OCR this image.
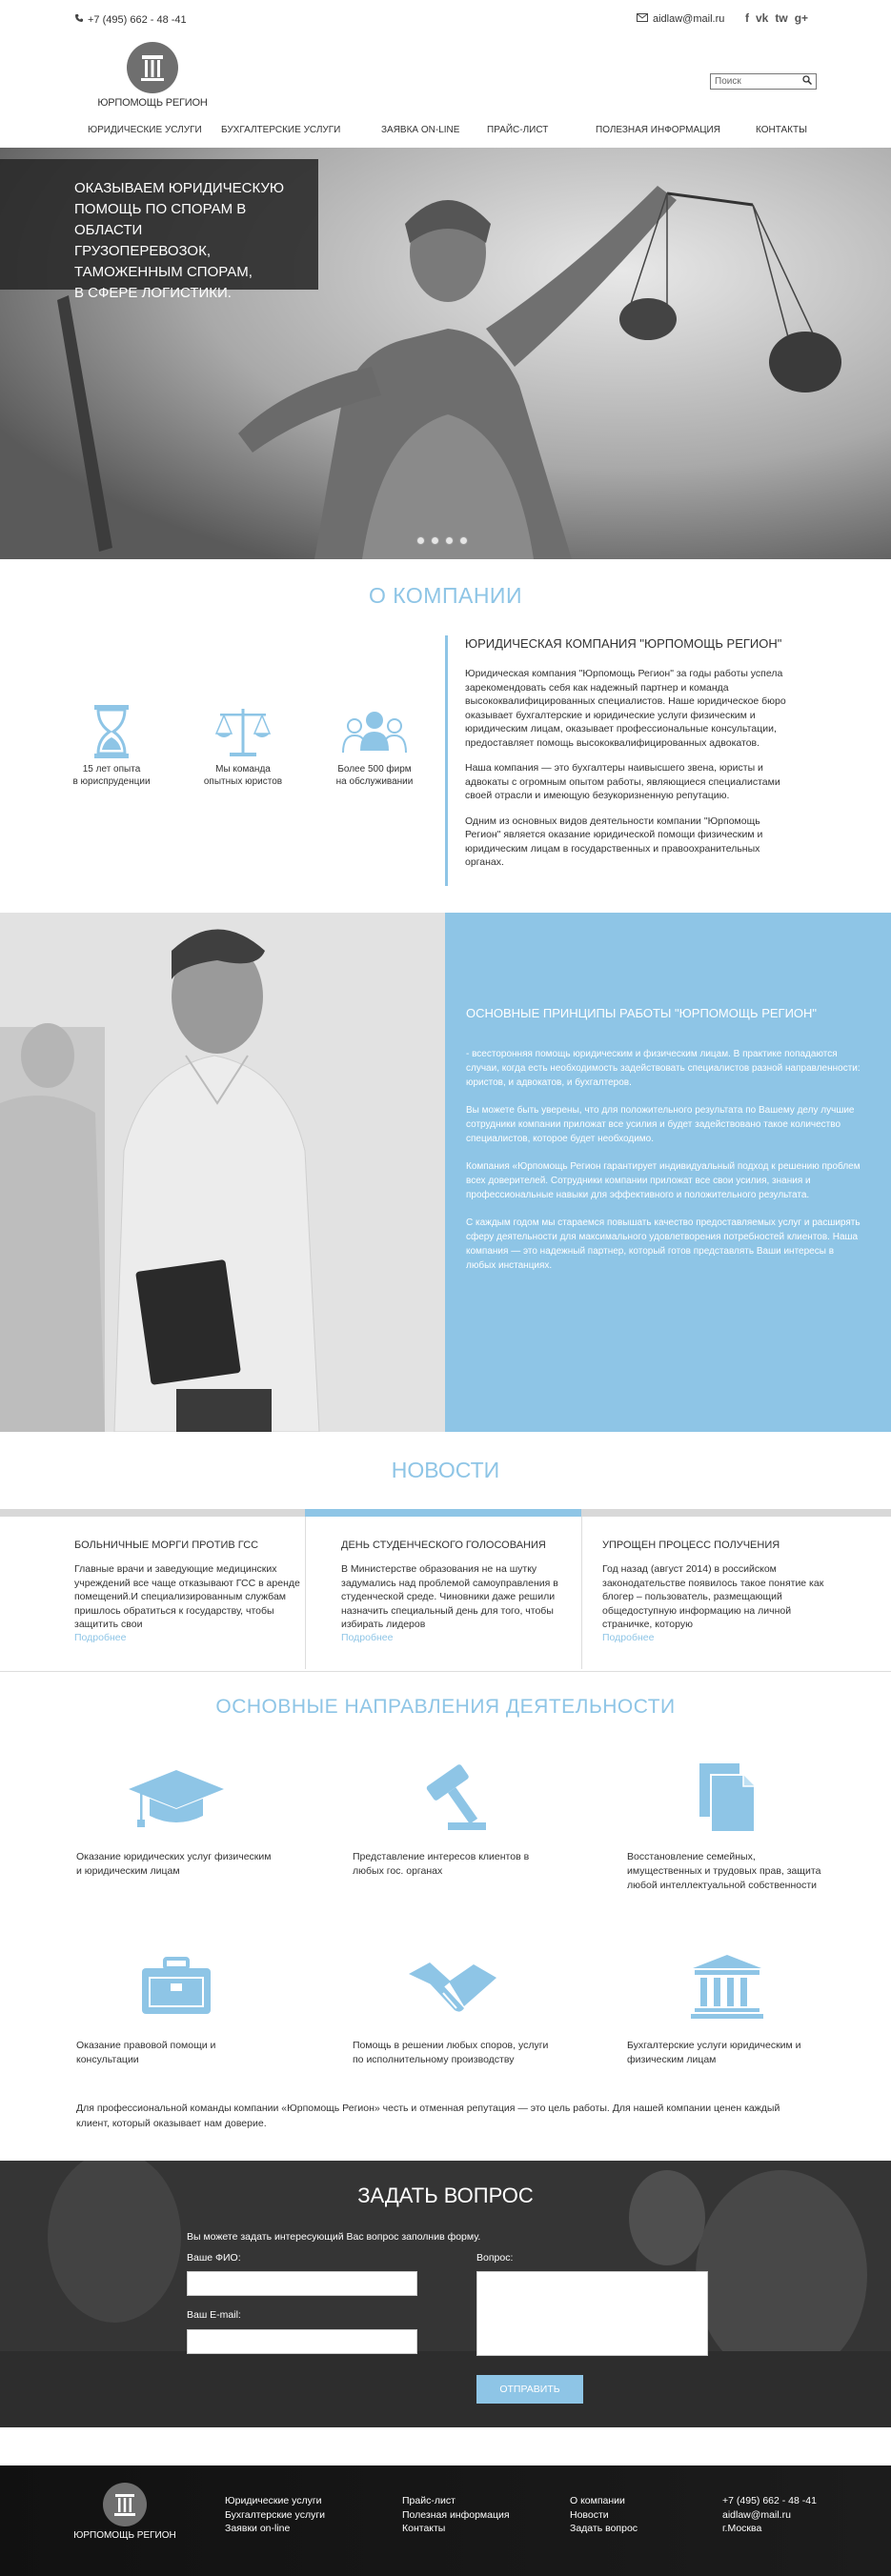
+7 (495) 662 - 48 -41	aidlaw@mail.ru f vk tw g+
ЮРПОМОЩЬ РЕГИОН
Поиск
ЮРИДИЧЕСКИЕ УСЛУГИ БУХГАЛТЕРСКИЕ УСЛУГИ	ЗАЯВКА ON-LINE	ПРАЙС-ЛИСТ	ПОЛЕЗНАЯ ИНФОРМАЦИЯ	КОНТАКТЫ
ОКАЗЫВАЕМ ЮРИДИЧЕСКУЮ
ПОМОЩЬ ПО СПОРАМ В ОБЛАСТИ
ГРУЗОПЕРЕВОЗОК,
ТАМОЖЕННЫМ СПОРАМ,
В СФЕРЕ ЛОГИСТИКИ.
О КОМПАНИИ
15 лет опыта
в юриспруденции
Мы команда
опытных юристов
Более 500 фирм
на обслуживании
ЮРИДИЧЕСКАЯ КОМПАНИЯ "ЮРПОМОЩЬ РЕГИОН"

Юридическая компания "Юрпомощь Регион" за годы работы успела зарекомендовать себя как надежный партнер и команда высококвалифицированных специалистов. Наше юридическое бюро оказывает бухгалтерские и юридические услуги физическим и юридическим лицам, оказывает профессиональные консультации, предоставляет помощь высококвалифицированных адвокатов.

Наша компания — это бухгалтеры наивысшего звена, юристы и адвокаты с огромным опытом работы, являющиеся специалистами своей отрасли и имеющую безукоризненную репутацию.

Одним из основных видов деятельности компании "Юрпомощь Регион" является оказание юридической помощи физическим и юридическим лицам в государственных и правоохранительных органах.

ОСНОВНЫЕ ПРИНЦИПЫ РАБОТЫ "ЮРПОМОЩЬ РЕГИОН"

- всесторонняя помощь юридическим и физическим лицам. В практике попадаются случаи, когда есть необходимость задействовать специалистов разной направленности: юристов, и адвокатов, и бухгалтеров.

Вы можете быть уверены, что для положительного результата по Вашему делу лучшие сотрудники компании приложат все усилия и будет задействовано такое количество специалистов, которое будет необходимо.

Компания «Юрпомощь Регион гарантирует индивидуальный подход к решению проблем всех доверителей. Сотрудники компании приложат все свои усилия, знания и профессиональные навыки для эффективного и положительного результата.

С каждым годом мы стараемся повышать качество предоставляемых услуг и расширять сферу деятельности для максимального удовлетворения потребностей клиентов. Наша компания — это надежный партнер, который готов представлять Ваши интересы в любых инстанциях.

НОВОСТИ
БОЛЬНИЧНЫЕ МОРГИ ПРОТИВ ГСС

Главные врачи и заведующие медицинских учреждений все чаще отказывают ГСС в аренде помещений.И специализированным службам пришлось обратиться к государству, чтобы защитить свои

Подробнее
ДЕНЬ СТУДЕНЧЕСКОГО ГОЛОСОВАНИЯ

В Министерстве образования не на шутку задумались над проблемой самоуправления в студенческой среде. Чиновники даже решили назначить специальный день для того, чтобы избирать лидеров

Подробнее
УПРОЩЕН ПРОЦЕСС ПОЛУЧЕНИЯ

Год назад (август 2014) в российском законодательстве появилось такое понятие как блогер – пользователь, размещающий общедоступную информацию на личной страничке, которую

Подробнее
ОСНОВНЫЕ НАПРАВЛЕНИЯ ДЕЯТЕЛЬНОСТИ
Оказание юридических услуг физическим и юридическим лицам
Представление интересов клиентов в любых гос. органах
Восстановление семейных, имущественных и трудовых прав, защита любой интеллектуальной собственности
Оказание правовой помощи и консультации
Помощь в решении любых споров, услуги по исполнительному производству
Бухгалтерские услуги юридическим и физическим лицам
Для профессиональной команды компании «Юрпомощь Регион» честь и отменная репутация — это цель работы. Для нашей компании ценен каждый клиент, который оказывает нам доверие.
ЗАДАТЬ ВОПРОС
Вы можете задать интересующий Вас вопрос заполнив форму.
Ваше ФИО:
Ваш E-mail:
Вопрос:
ОТПРАВИТЬ
ЮРПОМОЩЬ РЕГИОН
Юридические услуги
Бухгалтерские услуги
Заявки on-line
Прайс-лист
Полезная информация
Контакты
О компании
Новости
Задать вопрос
+7 (495) 662 - 48 -41
aidlaw@mail.ru
г.Москва
